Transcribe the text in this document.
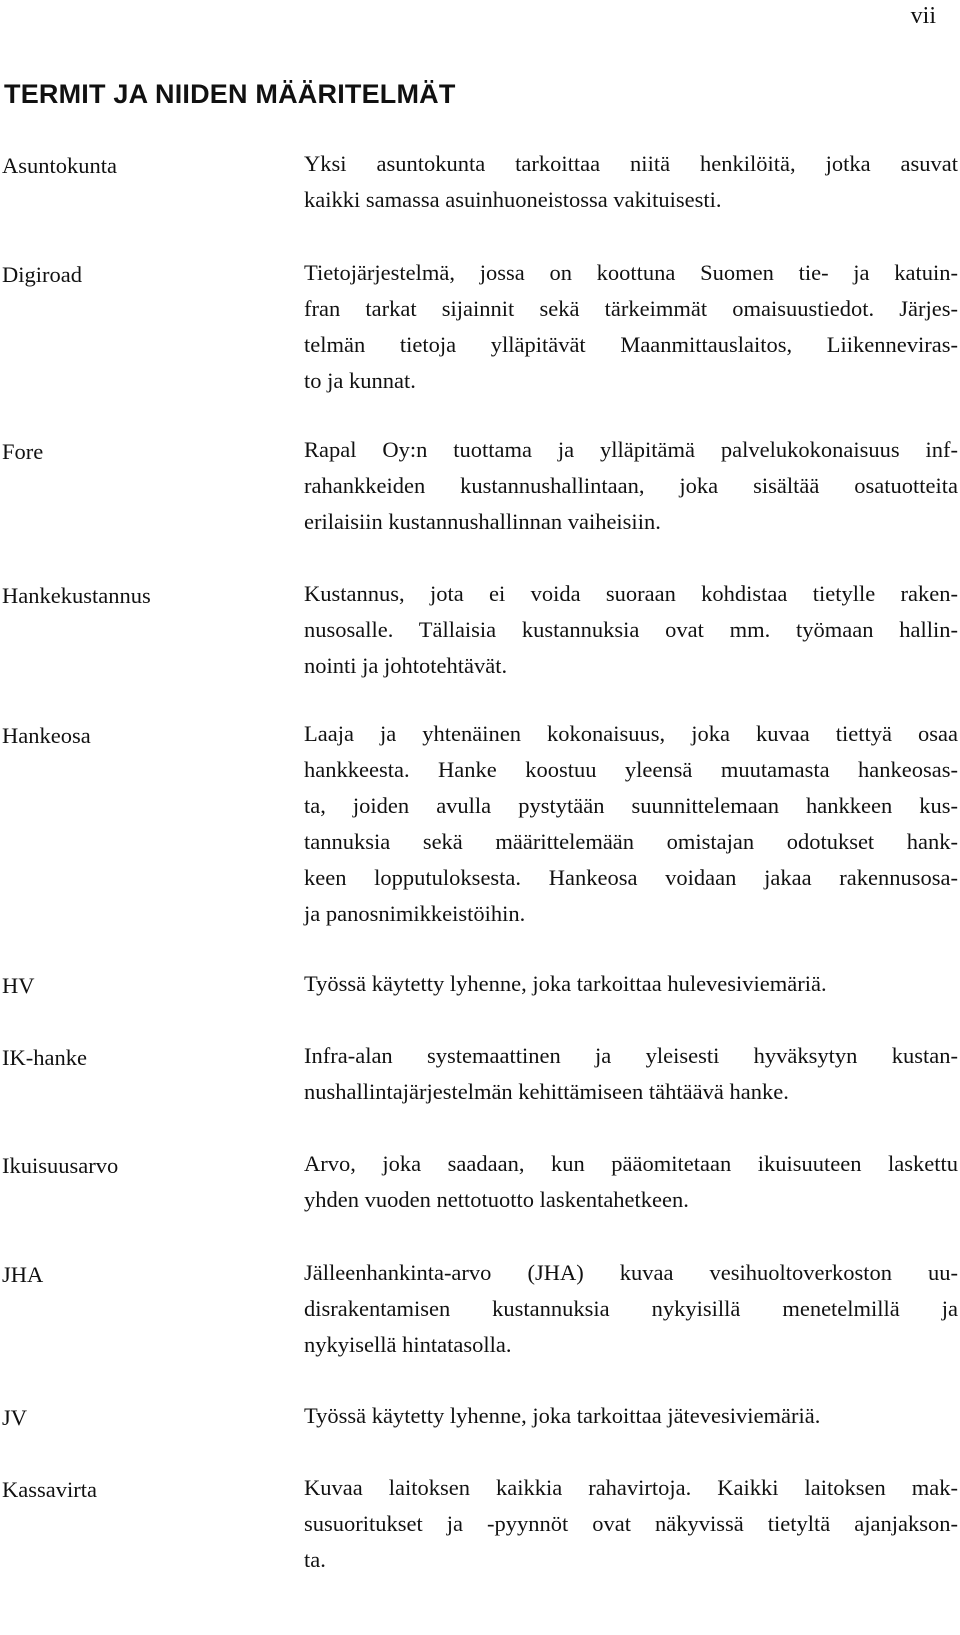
vii
TERMIT JA NIIDEN MÄÄRITELMÄT
Asuntokunta	Yksi asuntokunta tarkoittaa niitä henkilöitä, jotka asuvat
kaikki samassa asuinhuoneistossa vakituisesti.
Digiroad	Tietojärjestelmä, jossa on koottuna Suomen tie- ja katuin-
fran tarkat sijainnit sekä tärkeimmät omaisuustiedot. Järjes-
telmän tietoja ylläpitävät Maanmittauslaitos, Liikenneviras-
to ja kunnat.
Fore	Rapal Oy:n tuottama ja ylläpitämä palvelukokonaisuus inf-
rahankkeiden kustannushallintaan, joka sisältää osatuotteita
erilaisiin kustannushallinnan vaiheisiin.
Hankekustannus	Kustannus, jota ei voida suoraan kohdistaa tietylle raken-
nusosalle. Tällaisia kustannuksia ovat mm. työmaan hallin-
nointi ja johtotehtävät.
Hankeosa	Laaja ja yhtenäinen kokonaisuus, joka kuvaa tiettyä osaa
hankkeesta. Hanke koostuu yleensä muutamasta hankeosas-
ta, joiden avulla pystytään suunnittelemaan hankkeen kus-
tannuksia sekä määrittelemään omistajan odotukset hank-
keen lopputuloksesta. Hankeosa voidaan jakaa rakennusosa-
ja panosnimikkeistöihin.
HV	Työssä käytetty lyhenne, joka tarkoittaa hulevesiviemäriä.
IK-hanke	Infra-alan systemaattinen ja yleisesti hyväksytyn kustan-
nushallintajärjestelmän kehittämiseen tähtäävä hanke.
Ikuisuusarvo	Arvo, joka saadaan, kun pääomitetaan ikuisuuteen laskettu
yhden vuoden nettotuotto laskentahetkeen.
JHA	Jälleenhankinta-arvo (JHA) kuvaa vesihuoltoverkoston uu-
disrakentamisen kustannuksia nykyisillä menetelmillä ja
nykyisellä hintatasolla.
JV	Työssä käytetty lyhenne, joka tarkoittaa jätevesiviemäriä.
Kassavirta	Kuvaa laitoksen kaikkia rahavirtoja. Kaikki laitoksen mak-
susuoritukset ja -pyynnöt ovat näkyvissä tietyltä ajanjakson-
ta.
